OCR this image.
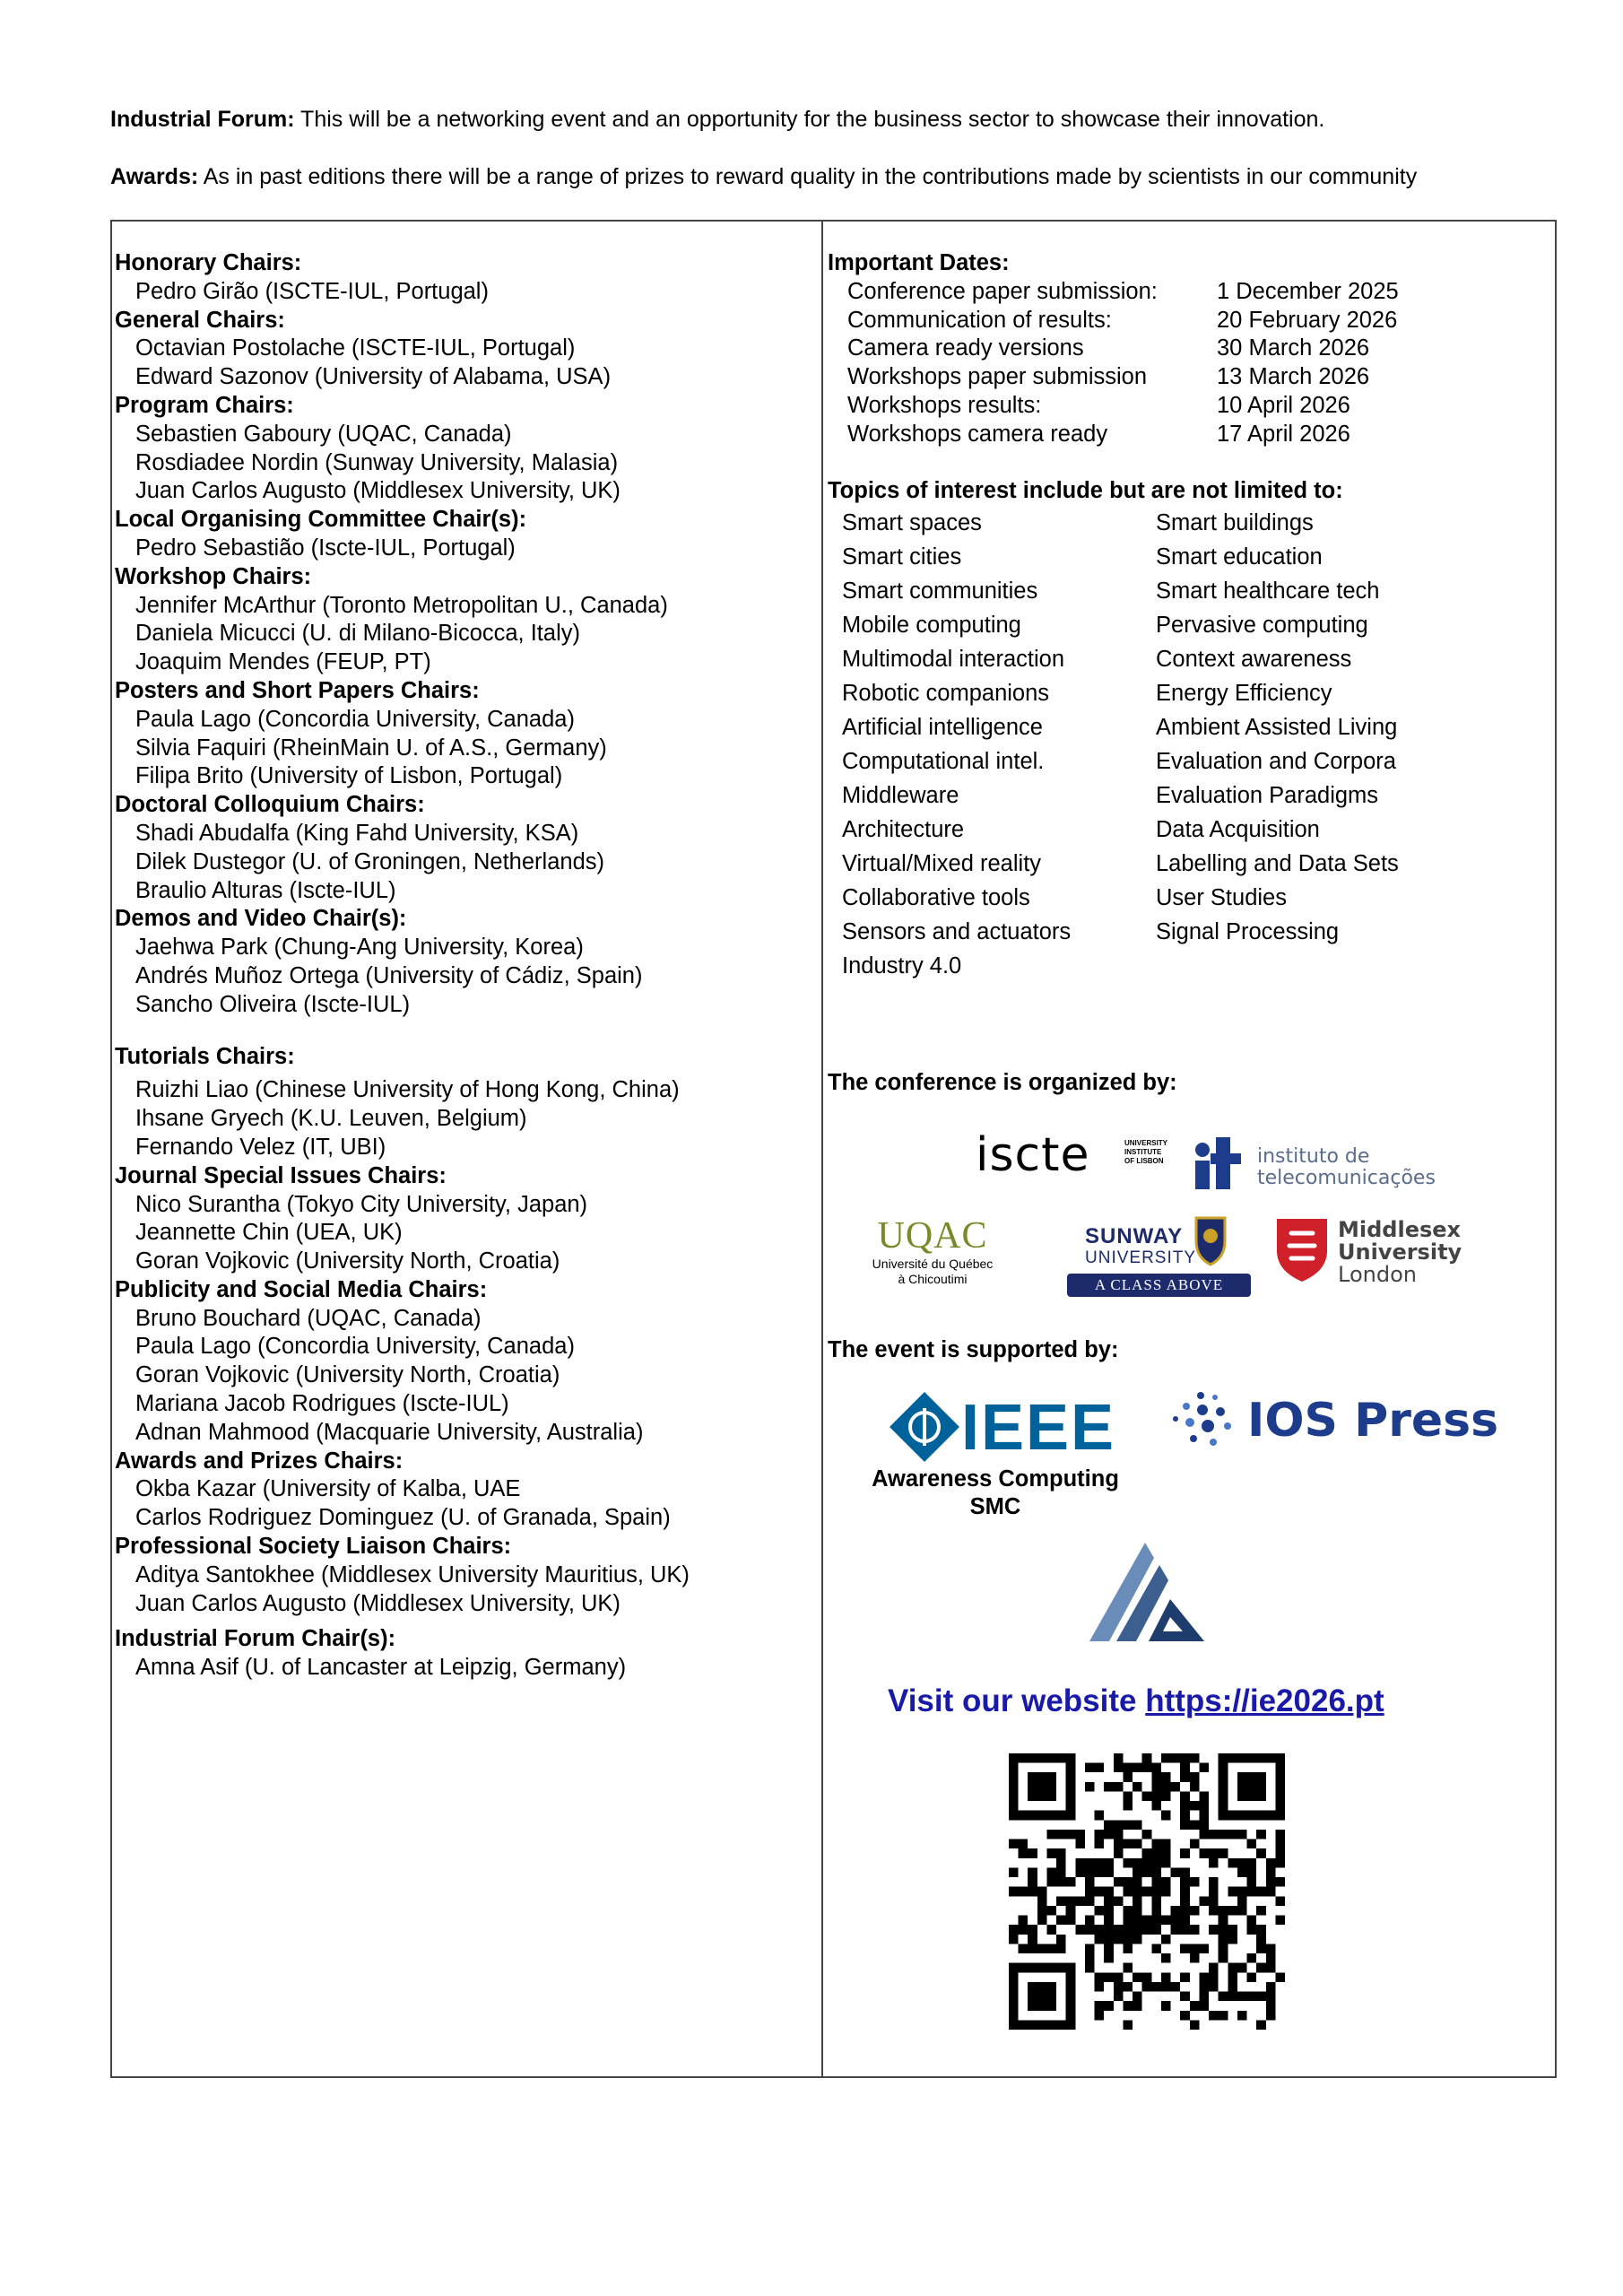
Industrial Forum: This will be a networking event and an opportunity for the business sector to showcase their innovation.
Awards: As in past editions there will be a range of prizes to reward quality in the contributions made by scientists in our community
Honorary Chairs:
Pedro Girão (ISCTE-IUL, Portugal)
General Chairs:
Octavian Postolache (ISCTE-IUL, Portugal)
Edward Sazonov (University of Alabama, USA)
Program Chairs:
Sebastien Gaboury (UQAC, Canada)
Rosdiadee Nordin (Sunway University, Malasia)
Juan Carlos Augusto (Middlesex University, UK)
Local Organising Committee Chair(s):
Pedro Sebastião (Iscte-IUL, Portugal)
Workshop Chairs:
Jennifer McArthur (Toronto Metropolitan U., Canada)
Daniela Micucci (U. di Milano-Bicocca, Italy)
Joaquim Mendes (FEUP, PT)
Posters and Short Papers Chairs:
Paula Lago (Concordia University, Canada)
Silvia Faquiri (RheinMain U. of A.S., Germany)
Filipa Brito (University of Lisbon, Portugal)
Doctoral Colloquium Chairs:
Shadi Abudalfa (King Fahd University, KSA)
Dilek Dustegor (U. of Groningen, Netherlands)
Braulio Alturas (Iscte-IUL)
Demos and Video Chair(s):
Jaehwa Park (Chung-Ang University, Korea)
Andrés Muñoz Ortega (University of Cádiz, Spain)
Sancho Oliveira (Iscte-IUL)
Tutorials Chairs:
Ruizhi Liao (Chinese University of Hong Kong, China)
Ihsane Gryech (K.U. Leuven, Belgium)
Fernando Velez (IT, UBI)
Journal Special Issues Chairs:
Nico Surantha (Tokyo City University, Japan)
Jeannette Chin (UEA, UK)
Goran Vojkovic (University North, Croatia)
Publicity and Social Media Chairs:
Bruno Bouchard (UQAC, Canada)
Paula Lago (Concordia University, Canada)
Goran Vojkovic (University North, Croatia)
Mariana Jacob Rodrigues (Iscte-IUL)
Adnan Mahmood (Macquarie University, Australia)
Awards and Prizes Chairs:
Okba Kazar (University of Kalba, UAE
Carlos Rodriguez Dominguez (U. of Granada, Spain)
Professional Society Liaison Chairs:
Aditya Santokhee (Middlesex University Mauritius, UK)
Juan Carlos Augusto (Middlesex University, UK)
Industrial Forum Chair(s):
Amna Asif (U. of Lancaster at Leipzig, Germany)
Important Dates:
Conference paper submission:	1 December 2025
Communication of results:	20 February 2026
Camera ready versions	30 March 2026
Workshops paper submission	13 March 2026
Workshops results:	10 April 2026
Workshops camera ready	17 April 2026
Topics of interest include but are not limited to:
Smart spaces	Smart buildings
Smart cities	Smart education
Smart communities	Smart healthcare tech
Mobile computing	Pervasive computing
Multimodal interaction	Context awareness
Robotic companions	Energy Efficiency
Artificial intelligence	Ambient Assisted Living
Computational intel.	Evaluation and Corpora
Middleware	Evaluation Paradigms
Architecture	Data Acquisition
Virtual/Mixed reality	Labelling and Data Sets
Collaborative tools	User Studies
Sensors and actuators	Signal Processing
Industry 4.0
The conference is organized by:
iscte	UNIVERSITY
INSTITUTE
OF LISBON	instituto de
telecomunicações
UQAC
Université du Québec
à Chicoutimi
SUNWAY
UNIVERSITY
A CLASS ABOVE
Middlesex
University
London
The event is supported by:
IEEE
Awareness Computing
SMC
IOS Press
Visit our website https://ie2026.pt
